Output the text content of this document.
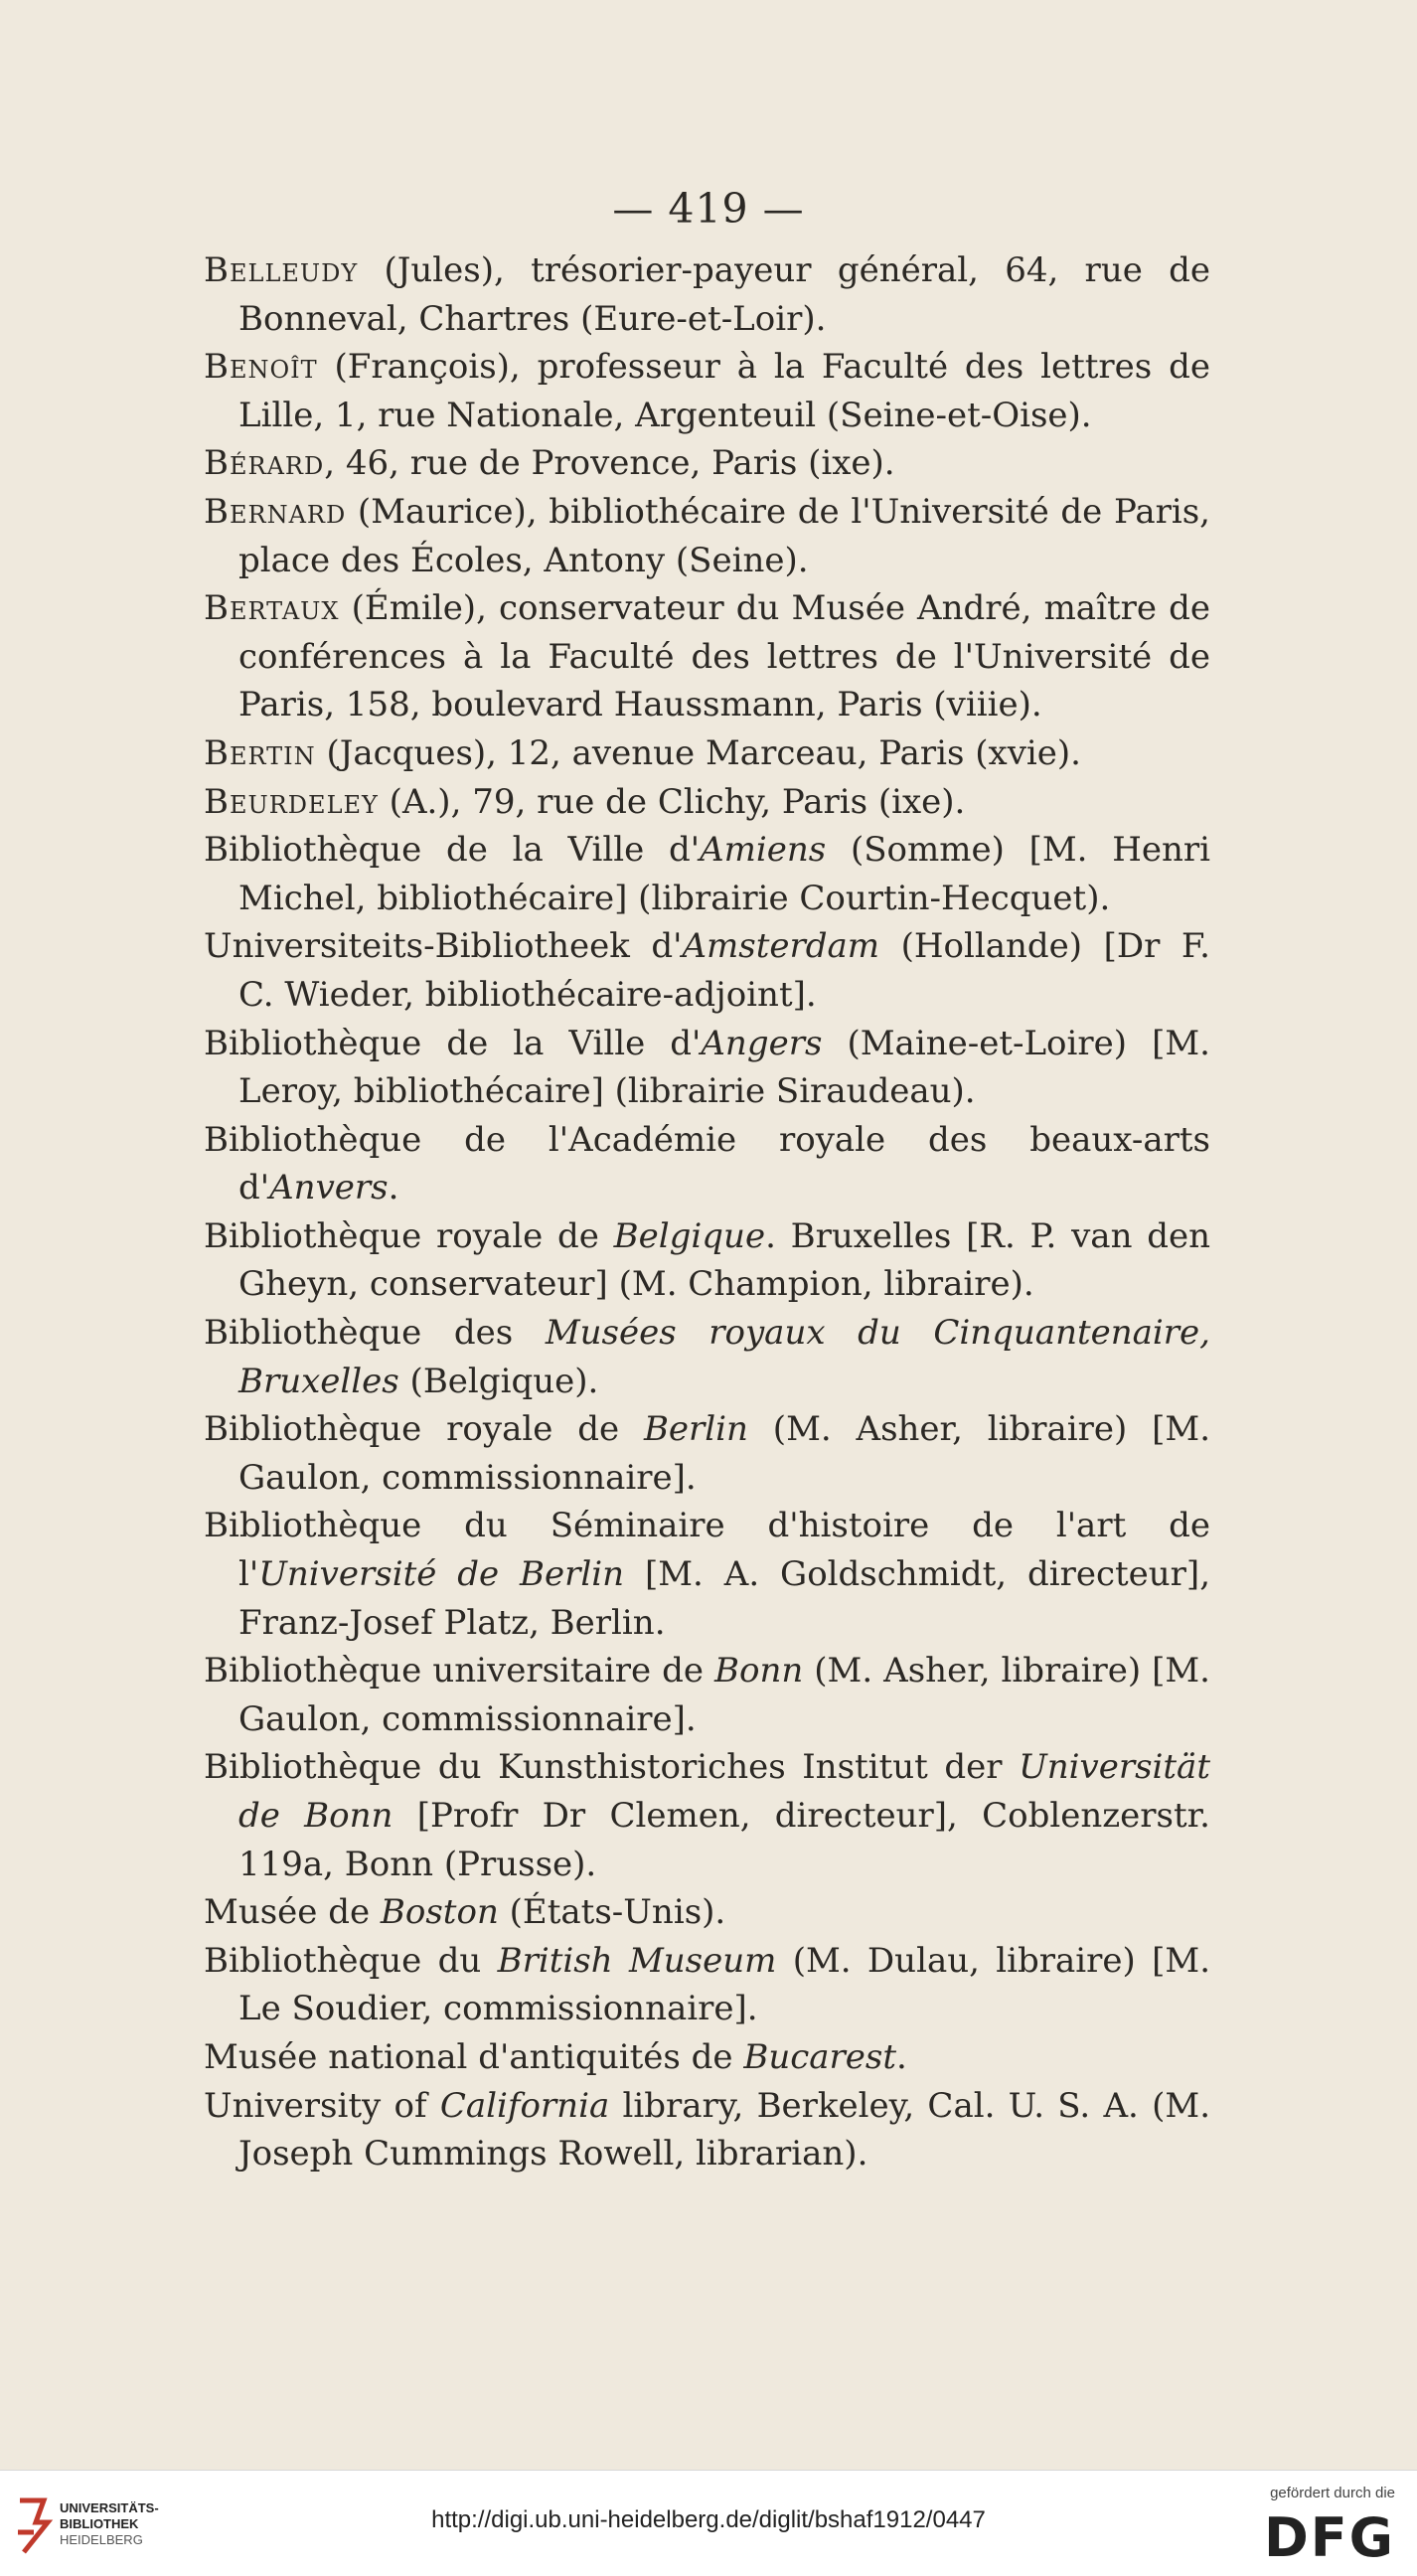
— 419 —

Belleudy (Jules), trésorier-payeur général, 64, rue de Bonneval, Chartres (Eure-et-Loir).

Benoît (François), professeur à la Faculté des lettres de Lille, 1, rue Nationale, Argenteuil (Seine-et-Oise).

Bérard, 46, rue de Provence, Paris (ixe).

Bernard (Maurice), bibliothécaire de l'Université de Paris, place des Écoles, Antony (Seine).

Bertaux (Émile), conservateur du Musée André, maître de conférences à la Faculté des lettres de l'Université de Paris, 158, boulevard Haussmann, Paris (viiie).

Bertin (Jacques), 12, avenue Marceau, Paris (xvie).

Beurdeley (A.), 79, rue de Clichy, Paris (ixe).

Bibliothèque de la Ville d'Amiens (Somme) [M. Henri Michel, bibliothécaire] (librairie Courtin-Hecquet).

Universiteits-Bibliotheek d'Amsterdam (Hollande) [Dr F. C. Wieder, bibliothécaire-adjoint].

Bibliothèque de la Ville d'Angers (Maine-et-Loire) [M. Leroy, bibliothécaire] (librairie Siraudeau).

Bibliothèque de l'Académie royale des beaux-arts d'Anvers.

Bibliothèque royale de Belgique. Bruxelles [R. P. van den Gheyn, conservateur] (M. Champion, libraire).

Bibliothèque des Musées royaux du Cinquantenaire, Bruxelles (Belgique).

Bibliothèque royale de Berlin (M. Asher, libraire) [M. Gaulon, commissionnaire].

Bibliothèque du Séminaire d'histoire de l'art de l'Université de Berlin [M. A. Goldschmidt, directeur], Franz-Josef Platz, Berlin.

Bibliothèque universitaire de Bonn (M. Asher, libraire) [M. Gaulon, commissionnaire].

Bibliothèque du Kunsthistoriches Institut der Universität de Bonn [Profr Dr Clemen, directeur], Coblenzerstr. 119a, Bonn (Prusse).

Musée de Boston (États-Unis).

Bibliothèque du British Museum (M. Dulau, libraire) [M. Le Soudier, commissionnaire].

Musée national d'antiquités de Bucarest.

University of California library, Berkeley, Cal. U. S. A. (M. Joseph Cummings Rowell, librarian).

UNIVERSITÄTS-
BIBLIOTHEK
HEIDELBERG
http://digi.ub.uni-heidelberg.de/diglit/bshaf1912/0447
gefördert durch die
DFG
